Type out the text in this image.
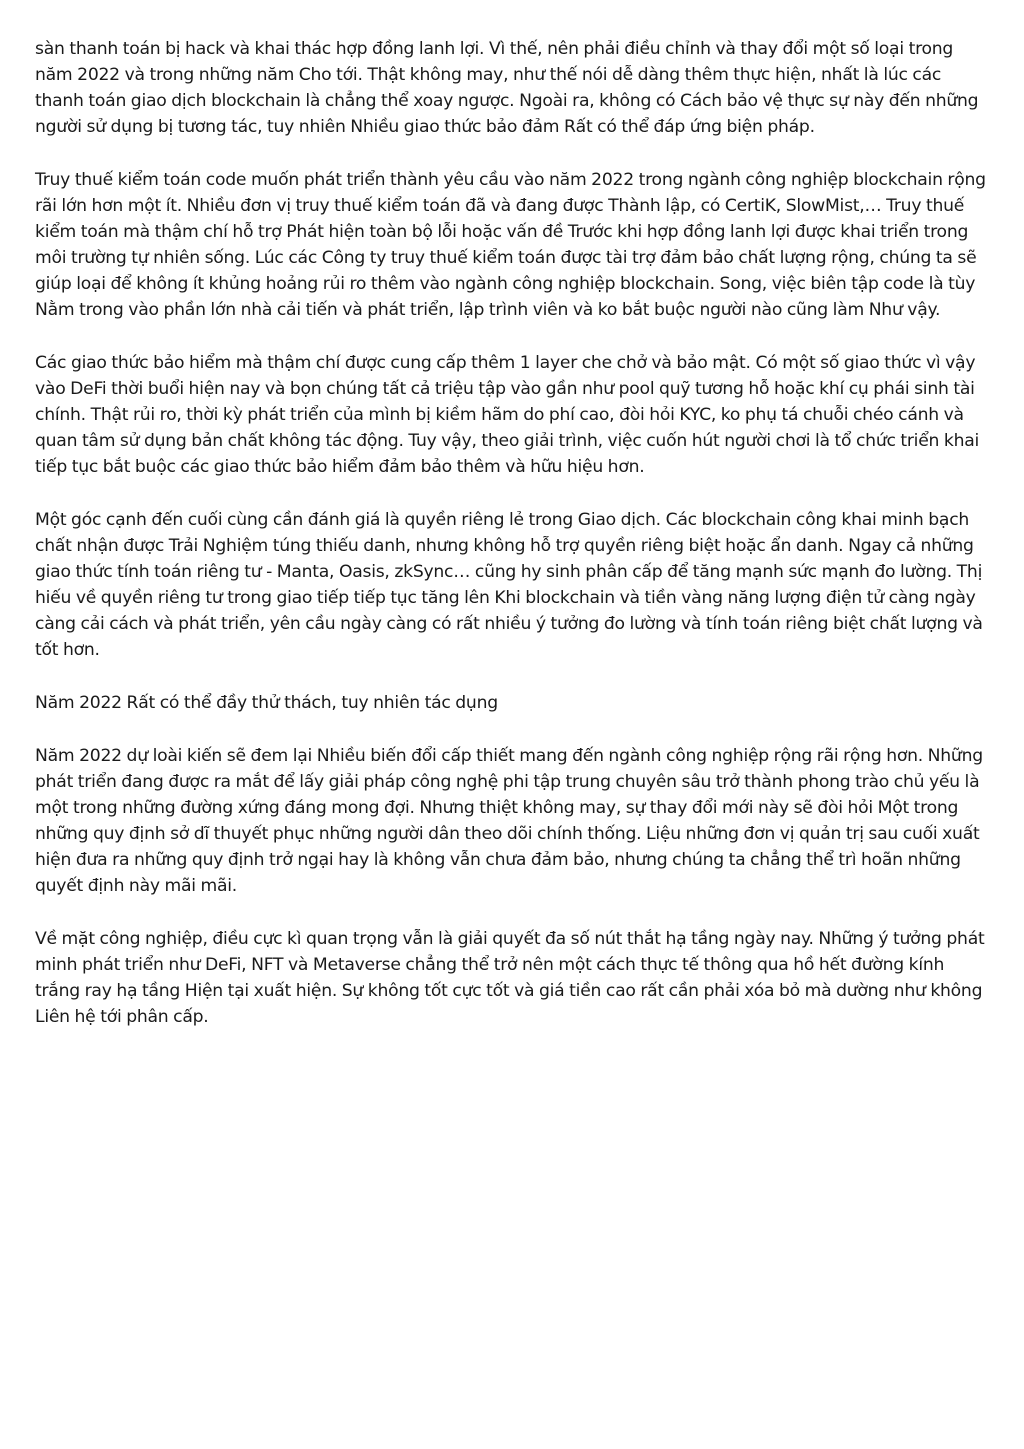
sàn thanh toán bị hack và khai thác hợp đồng lanh lợi. Vì thế, nên phải điều chỉnh và thay đổi một số loại trong năm 2022 và trong những năm Cho tới. Thật không may, như thế nói dễ dàng thêm thực hiện, nhất là lúc các thanh toán giao dịch blockchain là chẳng thể xoay ngược. Ngoài ra, không có Cách bảo vệ thực sự này đến những người sử dụng bị tương tác, tuy nhiên Nhiều giao thức bảo đảm Rất có thể đáp ứng biện pháp.

Truy thuế kiểm toán code muốn phát triển thành yêu cầu vào năm 2022 trong ngành công nghiệp blockchain rộng rãi lớn hơn một ít. Nhiều đơn vị truy thuế kiểm toán đã và đang được Thành lập, có CertiK, SlowMist,… Truy thuế kiểm toán mà thậm chí hỗ trợ Phát hiện toàn bộ lỗi hoặc vấn đề Trước khi hợp đồng lanh lợi được khai triển trong môi trường tự nhiên sống. Lúc các Công ty truy thuế kiểm toán được tài trợ đảm bảo chất lượng rộng, chúng ta sẽ giúp loại để không ít khủng hoảng rủi ro thêm vào ngành công nghiệp blockchain. Song, việc biên tập code là tùy Nằm trong vào phần lớn nhà cải tiến và phát triển, lập trình viên và ko bắt buộc người nào cũng làm Như vậy.

Các giao thức bảo hiểm mà thậm chí được cung cấp thêm 1 layer che chở và bảo mật. Có một số giao thức vì vậy vào DeFi thời buổi hiện nay và bọn chúng tất cả triệu tập vào gần như pool quỹ tương hỗ hoặc khí cụ phái sinh tài chính. Thật rủi ro, thời kỳ phát triển của mình bị kiềm hãm do phí cao, đòi hỏi KYC, ko phụ tá chuỗi chéo cánh và quan tâm sử dụng bản chất không tác động. Tuy vậy, theo giải trình, việc cuốn hút người chơi là tổ chức triển khai tiếp tục bắt buộc các giao thức bảo hiểm đảm bảo thêm và hữu hiệu hơn.

Một góc cạnh đến cuối cùng cần đánh giá là quyền riêng lẻ trong Giao dịch. Các blockchain công khai minh bạch chất nhận được Trải Nghiệm túng thiếu danh, nhưng không hỗ trợ quyền riêng biệt hoặc ẩn danh. Ngay cả những giao thức tính toán riêng tư - Manta, Oasis, zkSync… cũng hy sinh phân cấp để tăng mạnh sức mạnh đo lường. Thị hiếu về quyền riêng tư trong giao tiếp tiếp tục tăng lên Khi blockchain và tiền vàng năng lượng điện tử càng ngày càng cải cách và phát triển, yên cầu ngày càng có rất nhiều ý tưởng đo lường và tính toán riêng biệt chất lượng và tốt hơn.

Năm 2022 Rất có thể đầy thử thách, tuy nhiên tác dụng

Năm 2022 dự loài kiến sẽ đem lại Nhiều biến đổi cấp thiết mang đến ngành công nghiệp rộng rãi rộng hơn. Những phát triển đang được ra mắt để lấy giải pháp công nghệ phi tập trung chuyên sâu trở thành phong trào chủ yếu là một trong những đường xứng đáng mong đợi. Nhưng thiệt không may, sự thay đổi mới này sẽ đòi hỏi Một trong những quy định sở dĩ thuyết phục những người dân theo dõi chính thống. Liệu những đơn vị quản trị sau cuối xuất hiện đưa ra những quy định trở ngại hay là không vẫn chưa đảm bảo, nhưng chúng ta chẳng thể trì hoãn những quyết định này mãi mãi.

Về mặt công nghiệp, điều cực kì quan trọng vẫn là giải quyết đa số nút thắt hạ tầng ngày nay. Những ý tưởng phát minh phát triển như DeFi, NFT và Metaverse chẳng thể trở nên một cách thực tế thông qua hồ hết đường kính trắng ray hạ tầng Hiện tại xuất hiện. Sự không tốt cực tốt và giá tiền cao rất cần phải xóa bỏ mà dường như không Liên hệ tới phân cấp.
